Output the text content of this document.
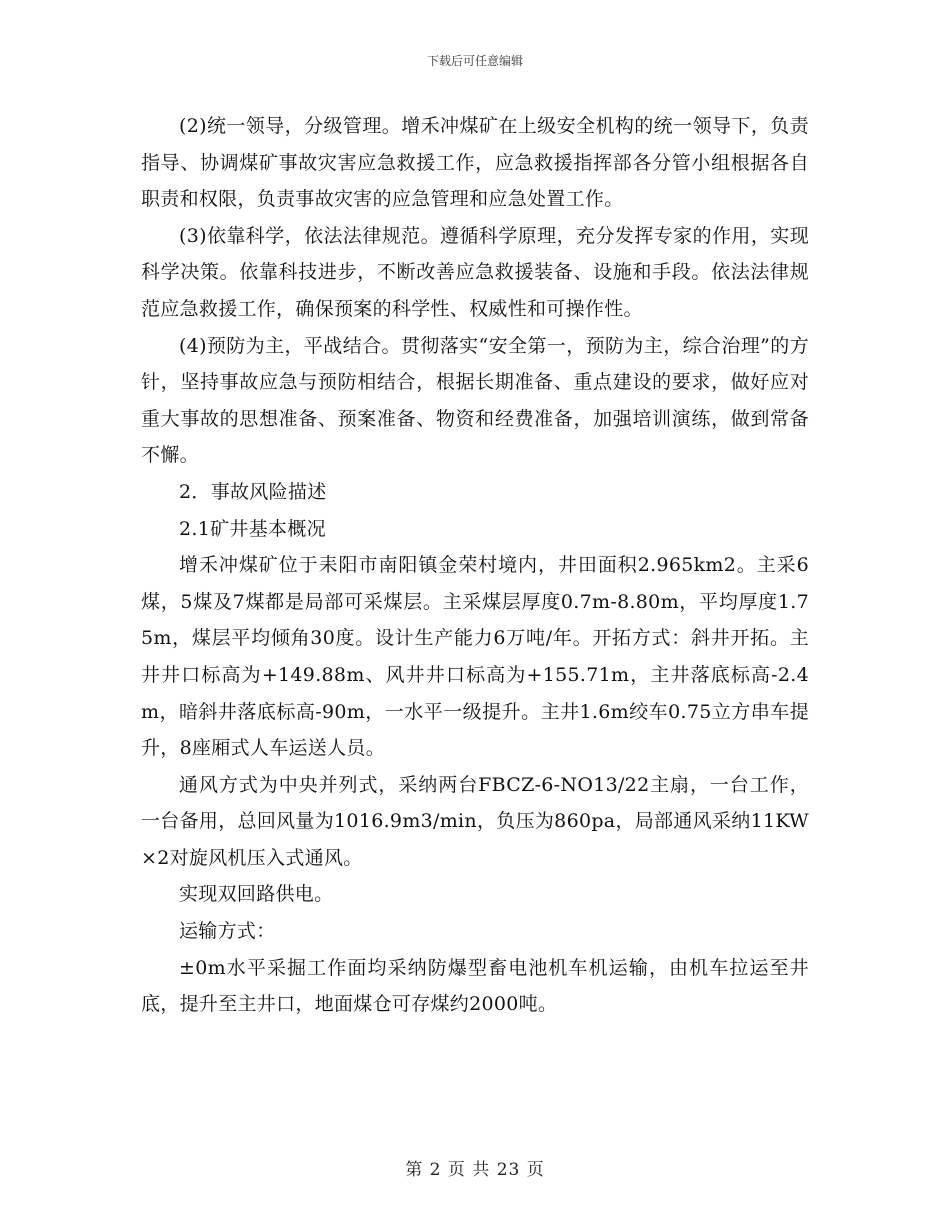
下载后可任意编辑

(2)统一领导，分级管理。增禾冲煤矿在上级安全机构的统一领导下，负责指导、协调煤矿事故灾害应急救援工作，应急救援指挥部各分管小组根据各自职责和权限，负责事故灾害的应急管理和应急处置工作。

(3)依靠科学，依法法律规范。遵循科学原理，充分发挥专家的作用，实现科学决策。依靠科技进步，不断改善应急救援装备、设施和手段。依法法律规范应急救援工作，确保预案的科学性、权威性和可操作性。

(4)预防为主，平战结合。贯彻落实“安全第一，预防为主，综合治理”的方针，坚持事故应急与预防相结合，根据长期准备、重点建设的要求，做好应对重大事故的思想准备、预案准备、物资和经费准备，加强培训演练，做到常备不懈。

2．事故风险描述

2.1矿井基本概况

增禾冲煤矿位于耒阳市南阳镇金荣村境内，井田面积2.965km2。主采6煤，5煤及7煤都是局部可采煤层。主采煤层厚度0.7m-8.80m，平均厚度1.75m，煤层平均倾角30度。设计生产能力6万吨/年。开拓方式：斜井开拓。主井井口标高为+149.88m、风井井口标高为+155.71m，主井落底标高-2.4m，暗斜井落底标高-90m，一水平一级提升。主井1.6m绞车0.75立方串车提升，8座厢式人车运送人员。

通风方式为中央并列式，采纳两台FBCZ-6-NO13/22主扇，一台工作，一台备用，总回风量为1016.9m3/min，负压为860pa，局部通风采纳11KW×2对旋风机压入式通风。

实现双回路供电。

运输方式：

±0m水平采掘工作面均采纳防爆型畜电池机车机运输，由机车拉运至井底，提升至主井口，地面煤仓可存煤约2000吨。

第 2 页 共 23 页
